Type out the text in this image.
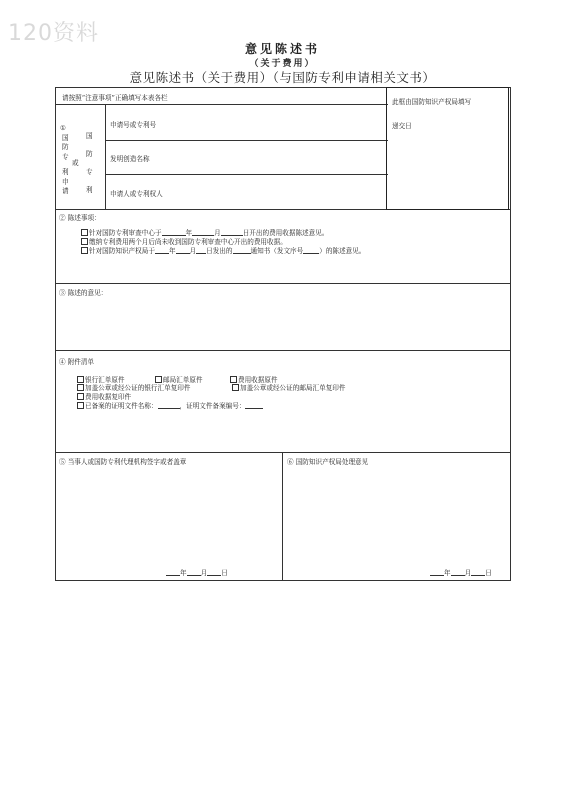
120资料
意见陈述书
（关于费用）
意见陈述书（关于费用）（与国防专利申请相关文书）
请按照“注意事项”正确填写本表各栏	此框由国防知识产权局填写
递交日
①
国
防
专
利
或
申
请
国
防
专
利
申请号或专利号
发明创造名称
申请人或专利权人
② 陈述事项：
针对国防专利审查中心于	年	月	日开出的费用收据陈述意见。
缴纳专利费用两个月后尚未收到国防专利审查中心开出的费用收据。
针对国防知识产权局于 年 月 日发出的	通知书（发文序号 ）的陈述意见。
③ 陈述的意见：
④ 附件清单
银行汇单原件	邮局汇单原件	费用收据原件
加盖公章或经公证的银行汇单复印件	加盖公章或经公证的邮局汇单复印件
费用收据复印件
已备案的证明文件名称：	，证明文件备案编号：
⑤ 当事人或国防专利代理机构签字或者盖章	⑥ 国防知识产权局处理意见
年 月 日	年 月 日
